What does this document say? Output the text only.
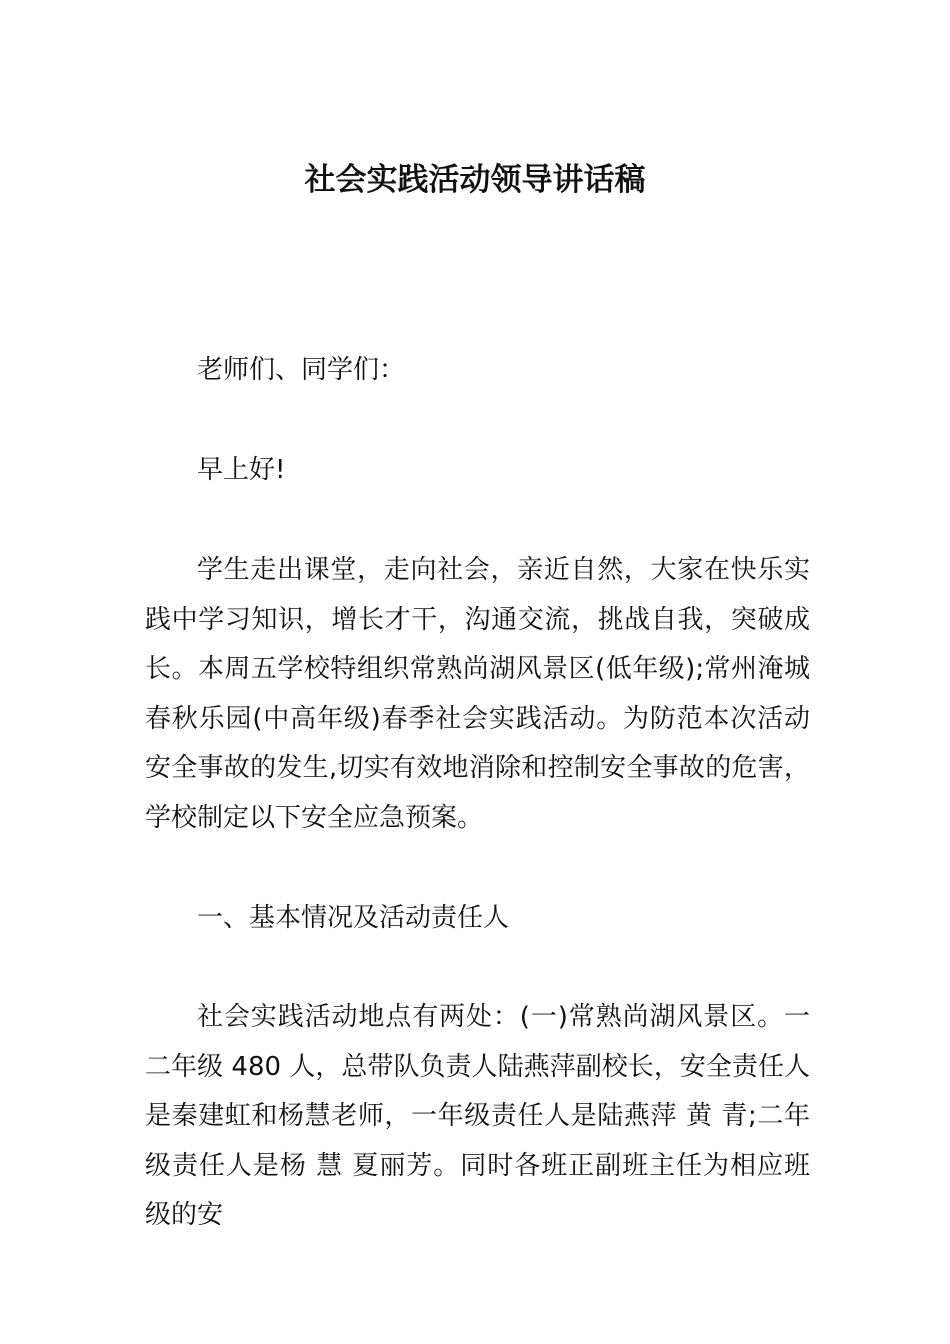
社会实践活动领导讲话稿

老师们、同学们：

早上好!

学生走出课堂，走向社会，亲近自然，大家在快乐实践中学习知识，增长才干，沟通交流，挑战自我，突破成长。本周五学校特组织常熟尚湖风景区(低年级);常州淹城春秋乐园(中高年级)春季社会实践活动。为防范本次活动安全事故的发生,切实有效地消除和控制安全事故的危害，学校制定以下安全应急预案。

一、基本情况及活动责任人

社会实践活动地点有两处：(一)常熟尚湖风景区。一二年级 480 人，总带队负责人陆燕萍副校长，安全责任人是秦建虹和杨慧老师，一年级责任人是陆燕萍 黄 青;二年级责任人是杨 慧 夏丽芳。同时各班正副班主任为相应班级的安
